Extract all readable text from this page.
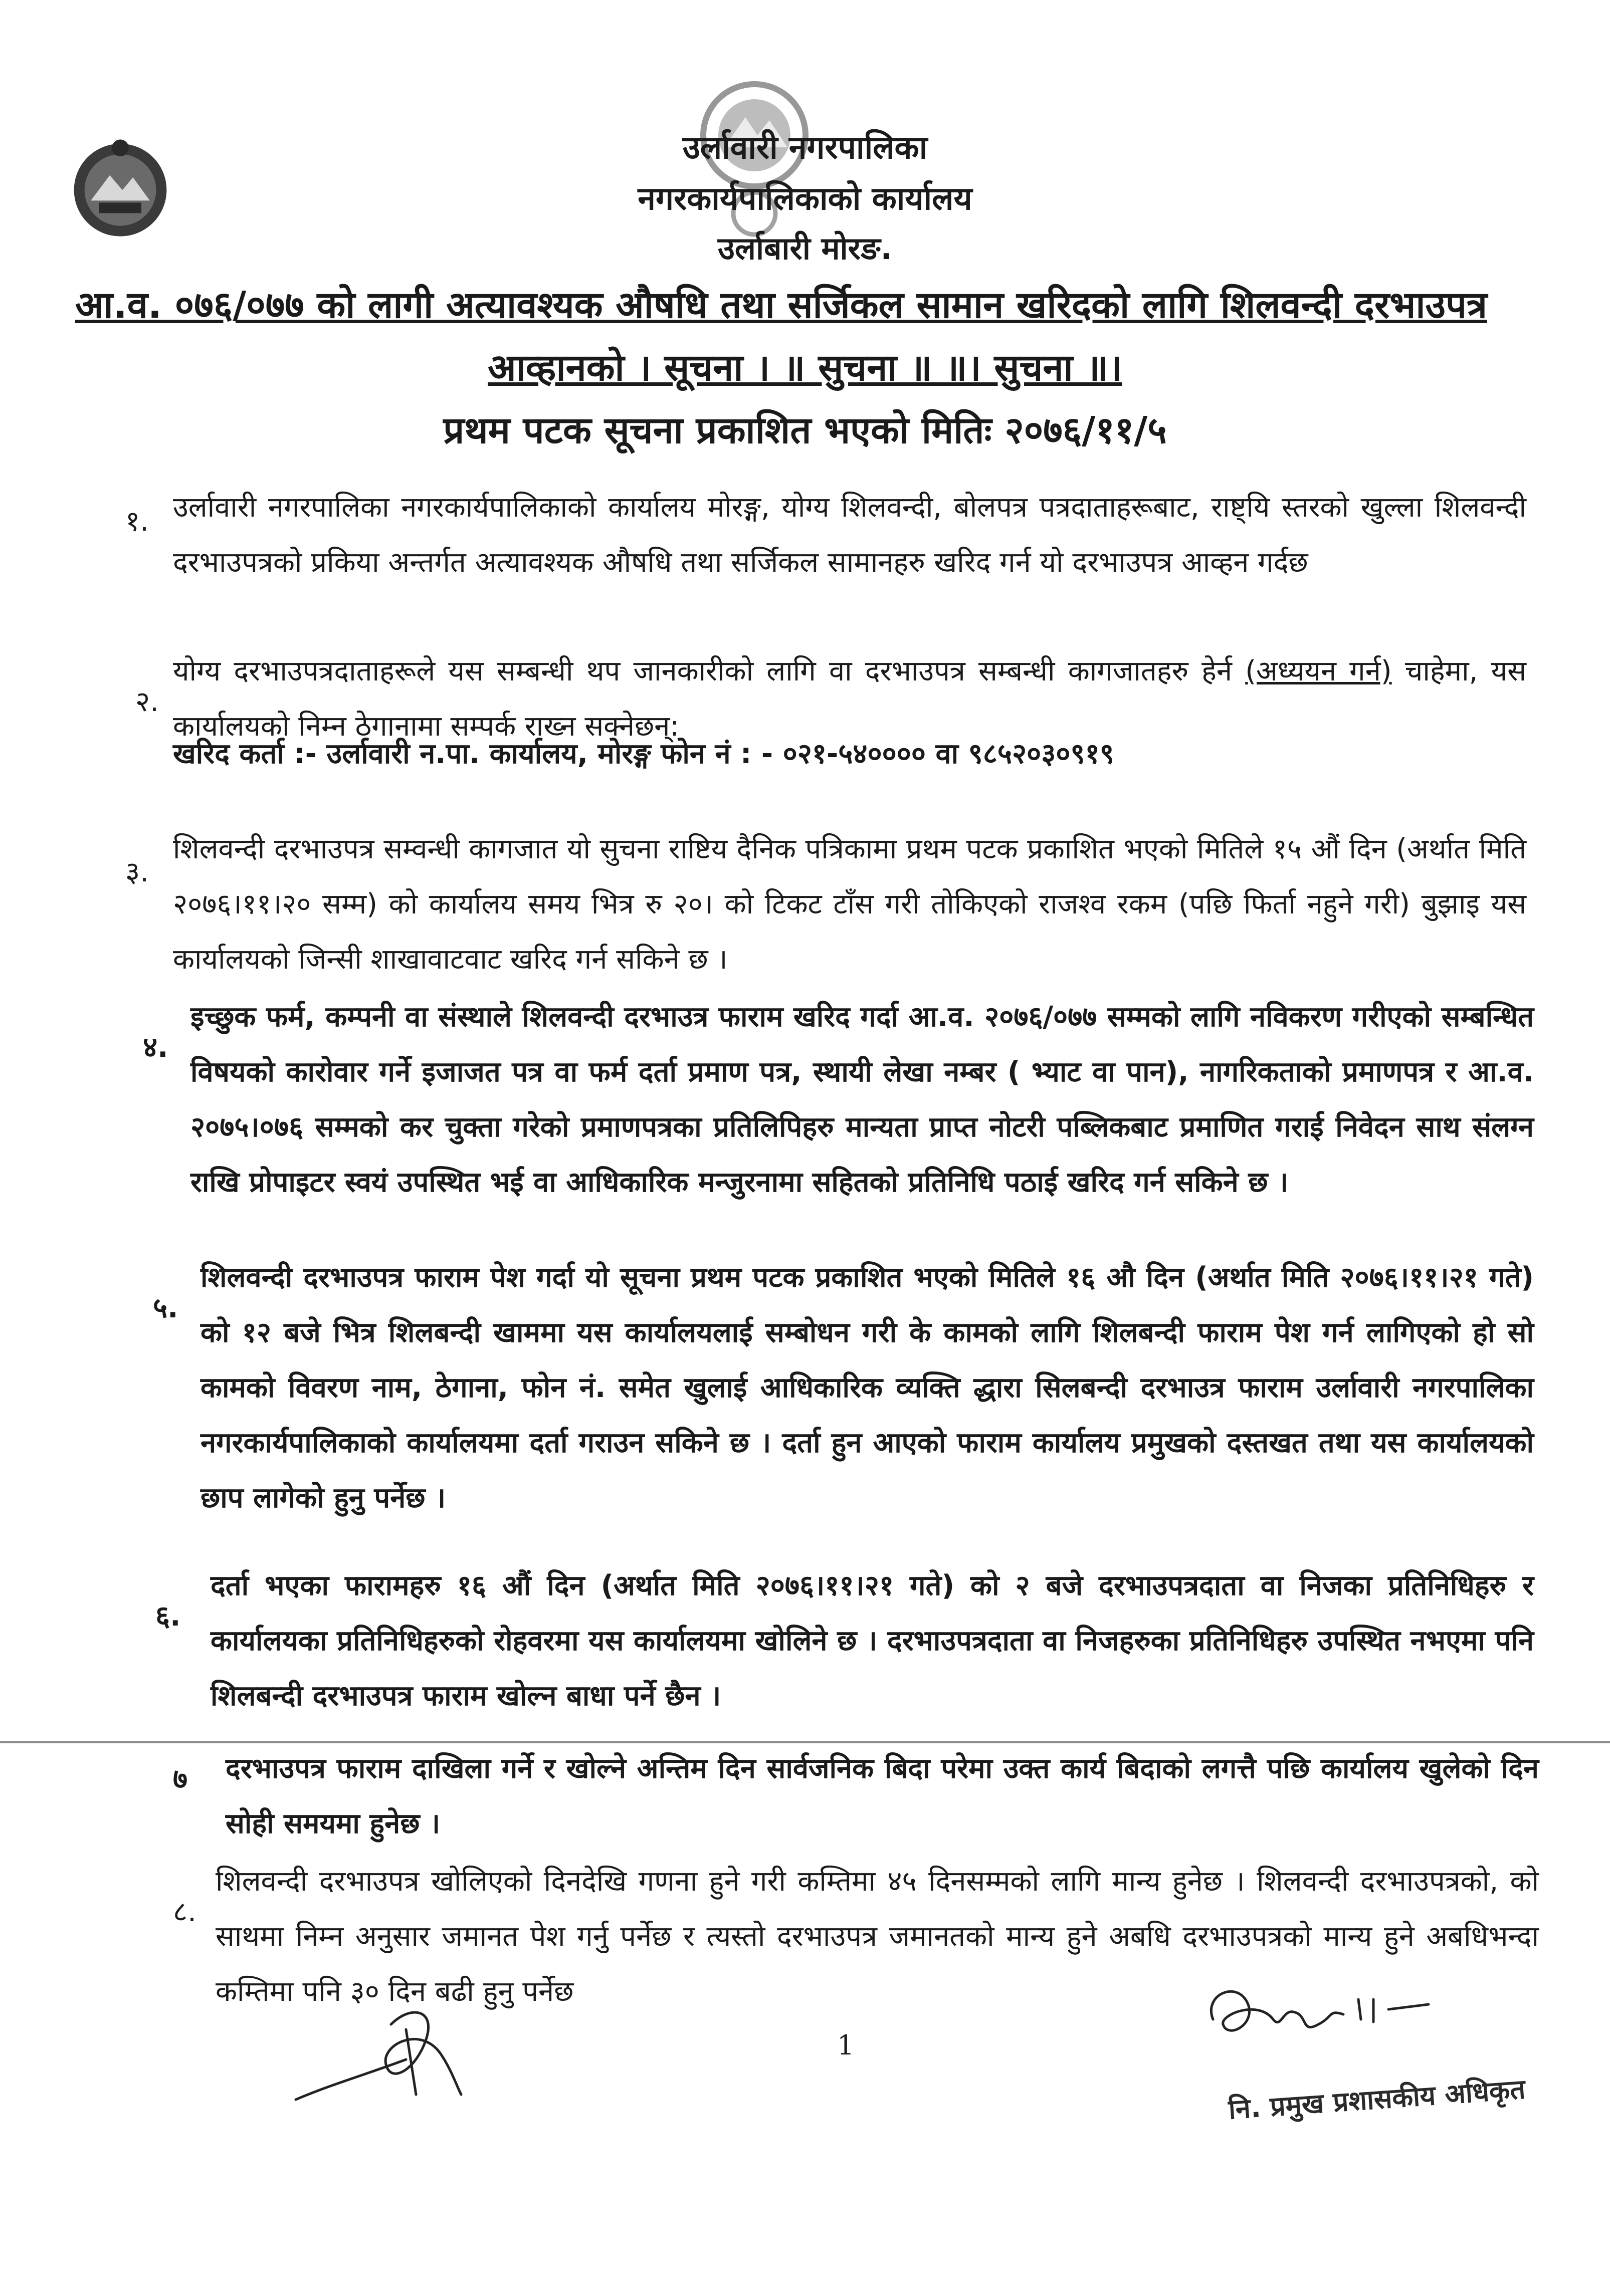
उर्लावारी नगरपालिका
नगरकार्यपालिकाको कार्यालय
उर्लाबारी मोरङ.
आ.व. ०७६/०७७ को लागी अत्यावश्यक औषधि तथा सर्जिकल सामान खरिदको लागि शिलवन्दी दरभाउपत्र
आव्हानको । सूचना । ॥ सुचना ॥ ॥। सुचना ॥।
प्रथम पटक सूचना प्रकाशित भएको मितिः २०७६/११/५
१. उर्लावारी नगरपालिका नगरकार्यपालिकाको कार्यालय मोरङ्ग, योग्य शिलवन्दी, बोलपत्र पत्रदाताहरूबाट, राष्ट्यि स्तरको खुल्ला शिलवन्दी दरभाउपत्रको प्रकिया अन्तर्गत अत्यावश्यक औषधि तथा सर्जिकल सामानहरु खरिद गर्न यो दरभाउपत्र आव्हन गर्दछ
२.
योग्य दरभाउपत्रदाताहरूले यस सम्बन्धी थप जानकारीको लागि वा दरभाउपत्र सम्बन्धी कागजातहरु हेर्न (अध्ययन गर्न) चाहेमा, यस कार्यालयको निम्न ठेगानामा सम्पर्क राख्न सक्नेछन्:
खरिद कर्ता :- उर्लावारी न.पा. कार्यालय, मोरङ्ग फोन नं : - ०२१-५४०००० वा ९८५२०३०९१९
३.
शिलवन्दी दरभाउपत्र सम्वन्धी कागजात यो सुचना राष्टिय दैनिक पत्रिकामा प्रथम पटक प्रकाशित भएको मितिले १५ औं दिन (अर्थात मिति २०७६।११।२० सम्म) को कार्यालय समय भित्र रु २०। को टिकट टाँस गरी तोकिएको राजश्व रकम (पछि फिर्ता नहुने गरी) बुझाइ यस कार्यालयको जिन्सी शाखावाटवाट खरिद गर्न सकिने छ ।
४.
इच्छुक फर्म, कम्पनी वा संस्थाले शिलवन्दी दरभाउत्र फाराम खरिद गर्दा आ.व. २०७६/०७७ सम्मको लागि नविकरण गरीएको सम्बन्धित विषयको कारोवार गर्ने इजाजत पत्र वा फर्म दर्ता प्रमाण पत्र, स्थायी लेखा नम्बर ( भ्याट वा पान), नागरिकताको प्रमाणपत्र र आ.व. २०७५।०७६ सम्मको कर चुक्ता गरेको प्रमाणपत्रका प्रतिलिपिहरु मान्यता प्राप्त नोटरी पब्लिकबाट प्रमाणित गराई निवेदन साथ संलग्न राखि प्रोपाइटर स्वयं उपस्थित भई वा आधिकारिक मन्जुरनामा सहितको प्रतिनिधि पठाई खरिद गर्न सकिने छ ।
५.
शिलवन्दी दरभाउपत्र फाराम पेश गर्दा यो सूचना प्रथम पटक प्रकाशित भएको मितिले १६ औ दिन (अर्थात मिति २०७६।११।२१ गते) को १२ बजे भित्र शिलबन्दी खाममा यस कार्यालयलाई सम्बोधन गरी के कामको लागि शिलबन्दी फाराम पेश गर्न लागिएको हो सो कामको विवरण नाम, ठेगाना, फोन नं. समेत खुलाई आधिकारिक व्यक्ति द्धारा सिलबन्दी दरभाउत्र फाराम उर्लावारी नगरपालिका नगरकार्यपालिकाको कार्यालयमा दर्ता गराउन सकिने छ । दर्ता हुन आएको फाराम कार्यालय प्रमुखको दस्तखत तथा यस कार्यालयको छाप लागेको हुनु पर्नेछ ।
६.
दर्ता भएका फारामहरु १६ औं दिन (अर्थात मिति २०७६।११।२१ गते) को २ बजे दरभाउपत्रदाता वा निजका प्रतिनिधिहरु र कार्यालयका प्रतिनिधिहरुको रोहवरमा यस कार्यालयमा खोलिने छ । दरभाउपत्रदाता वा निजहरुका प्रतिनिधिहरु उपस्थित नभएमा पनि शिलबन्दी दरभाउपत्र फाराम खोल्न बाधा पर्ने छैन ।
७ दरभाउपत्र फाराम दाखिला गर्ने र खोल्ने अन्तिम दिन सार्वजनिक बिदा परेमा उक्त कार्य बिदाको लगत्तै पछि कार्यालय खुलेको दिन सोही समयमा हुनेछ ।
८.
शिलवन्दी दरभाउपत्र खोलिएको दिनदेखि गणना हुने गरी कम्तिमा ४५ दिनसम्मको लागि मान्य हुनेछ । शिलवन्दी दरभाउपत्रको, को साथमा निम्न अनुसार जमानत पेश गर्नु पर्नेछ र त्यस्तो दरभाउपत्र जमानतको मान्य हुने अबधि दरभाउपत्रको मान्य हुने अबधिभन्दा कम्तिमा पनि ३० दिन बढी हुनु पर्नेछ
1
नि. प्रमुख प्रशासकीय अधिकृत
